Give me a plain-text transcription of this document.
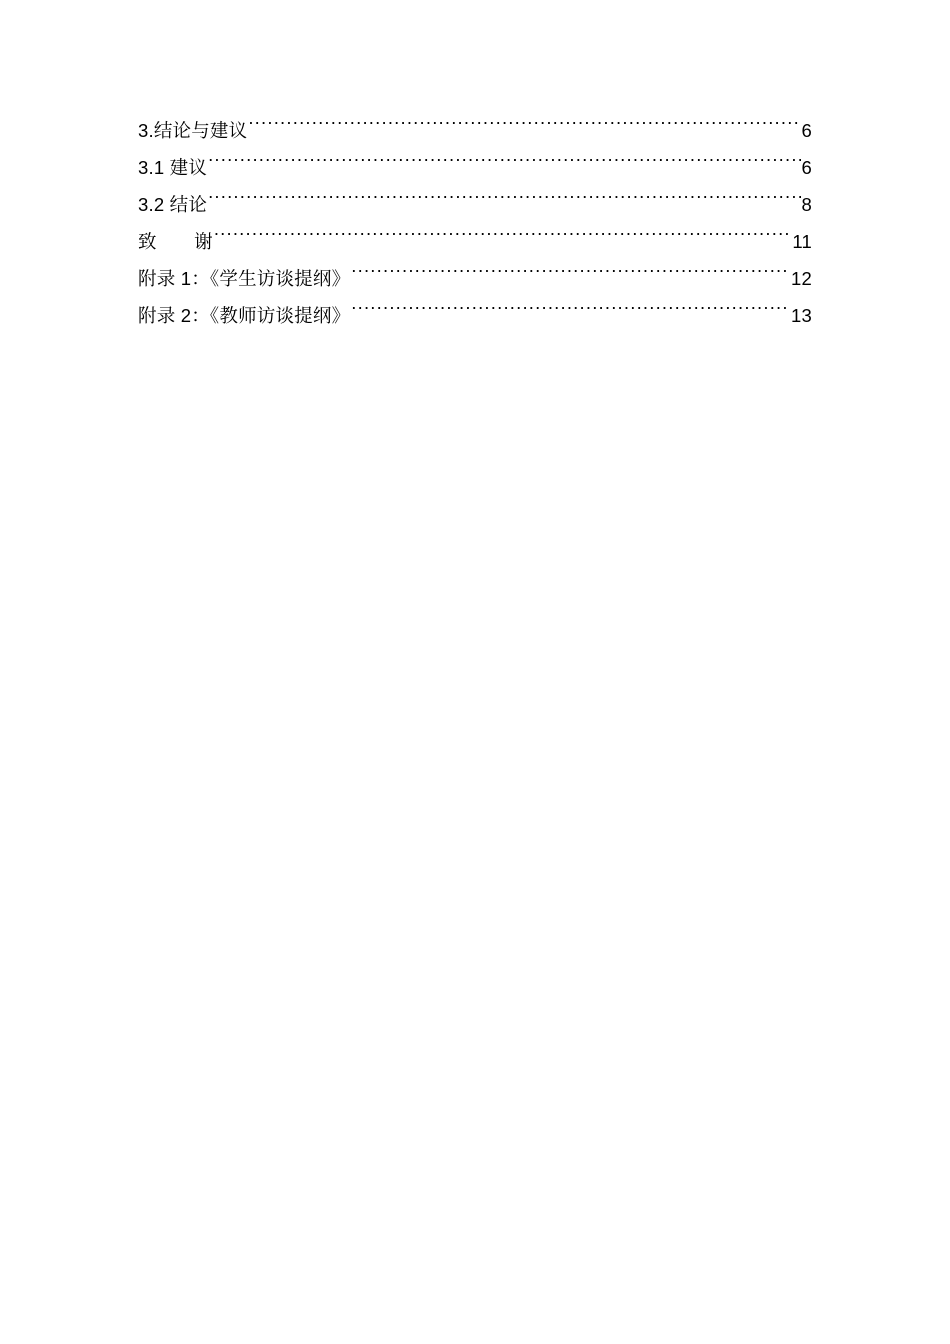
3.结论与建议 .....	6
3.1 建议 .....	6
3.2 结论 .....	8
致  谢 .....	11
附录 1：《学生访谈提纲》 .....	12
附录 2：《教师访谈提纲》 .....	13
